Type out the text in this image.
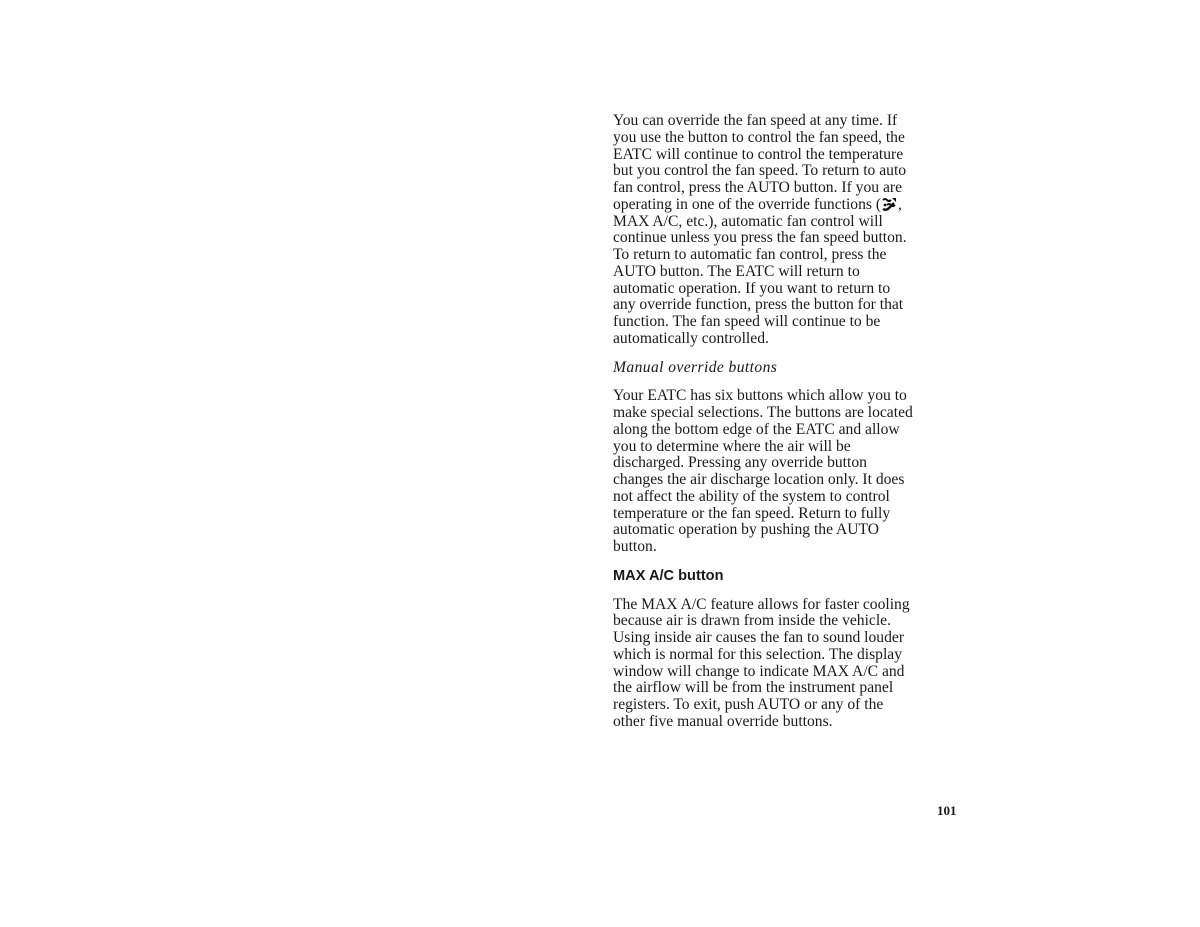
You can override the fan speed at any time. If
you use the button to control the fan speed, the
EATC will continue to control the temperature
but you control the fan speed. To return to auto
fan control, press the AUTO button. If you are
operating in one of the override functions ( ,
MAX A/C, etc.), automatic fan control will
continue unless you press the fan speed button.
To return to automatic fan control, press the
AUTO button. The EATC will return to
automatic operation. If you want to return to
any override function, press the button for that
function. The fan speed will continue to be
automatically controlled.
Manual override buttons
Your EATC has six buttons which allow you to
make special selections. The buttons are located
along the bottom edge of the EATC and allow
you to determine where the air will be
discharged. Pressing any override button
changes the air discharge location only. It does
not affect the ability of the system to control
temperature or the fan speed. Return to fully
automatic operation by pushing the AUTO
button.
MAX A/C button
The MAX A/C feature allows for faster cooling
because air is drawn from inside the vehicle.
Using inside air causes the fan to sound louder
which is normal for this selection. The display
window will change to indicate MAX A/C and
the airflow will be from the instrument panel
registers. To exit, push AUTO or any of the
other five manual override buttons.
101
